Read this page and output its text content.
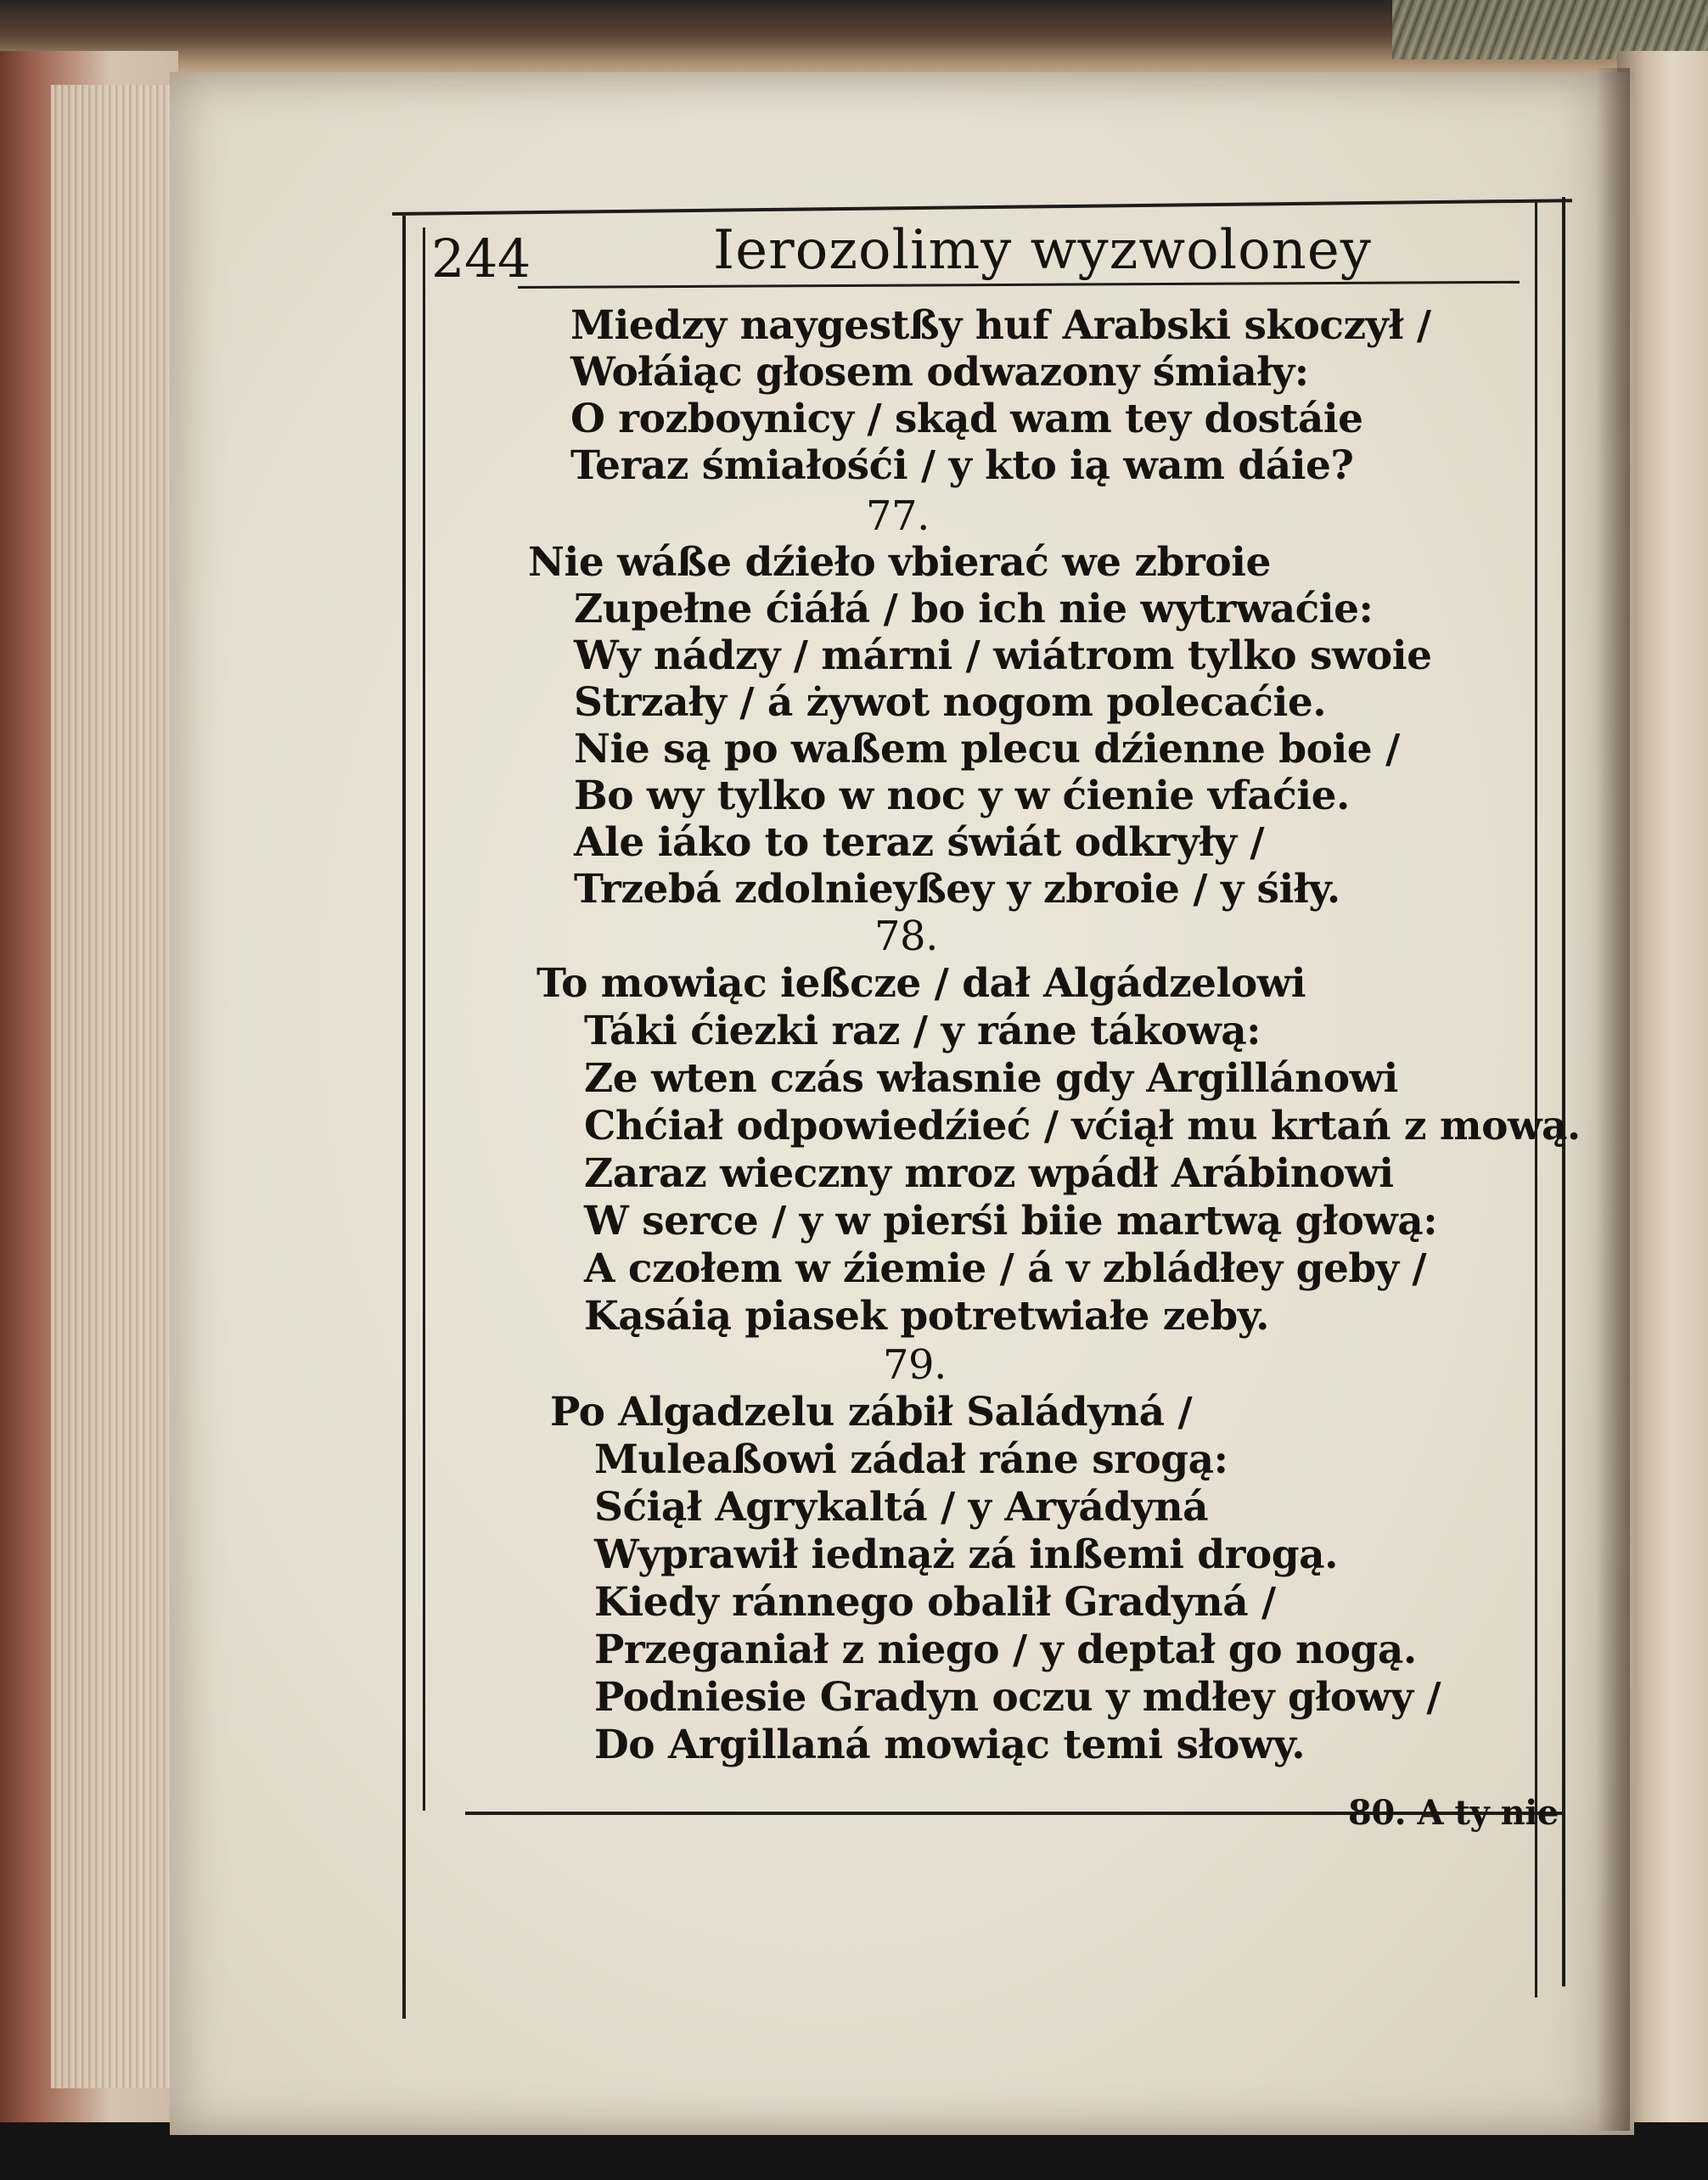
244	Ierozolimy wyzwoloney
Miedzy naygestßy huf Arabski skoczył /
Wołáiąc głosem odwazony śmiały:
O rozboynicy / skąd wam tey dostáie
Teraz śmiałośći / y kto ią wam dáie?
77.
Nie wáße dźieło vbierać we zbroie
Zupełne ćiáłá / bo ich nie wytrwaćie:
Wy nádzy / márni / wiátrom tylko swoie
Strzały / á żywot nogom polecaćie.
Nie są po waßem plecu dźienne boie /
Bo wy tylko w noc y w ćienie vfaćie.
Ale iáko to teraz świát odkryły /
Trzebá zdolnieyßey y zbroie / y śiły.
78.
To mowiąc ießcze / dał Algádzelowi
Táki ćiezki raz / y ráne tákową:
Ze wten czás własnie gdy Argillánowi
Chćiał odpowiedźieć / vćiął mu krtań z mową.
Zaraz wieczny mroz wpádł Arábinowi
W serce / y w pierśi biie martwą głową:
A czołem w źiemie / á v zbládłey geby /
Kąsáią piasek potretwiałe zeby.
79.
Po Algadzelu zábił Saládyná /
Muleaßowi zádał ráne srogą:
Sćiął Agrykaltá / y Aryádyná
Wyprawił iednąż zá inßemi drogą.
Kiedy ránnego obalił Gradyná /
Przeganiał z niego / y deptał go nogą.
Podniesie Gradyn oczu y mdłey głowy /
Do Argillaná mowiąc temi słowy.
80. A ty nie
